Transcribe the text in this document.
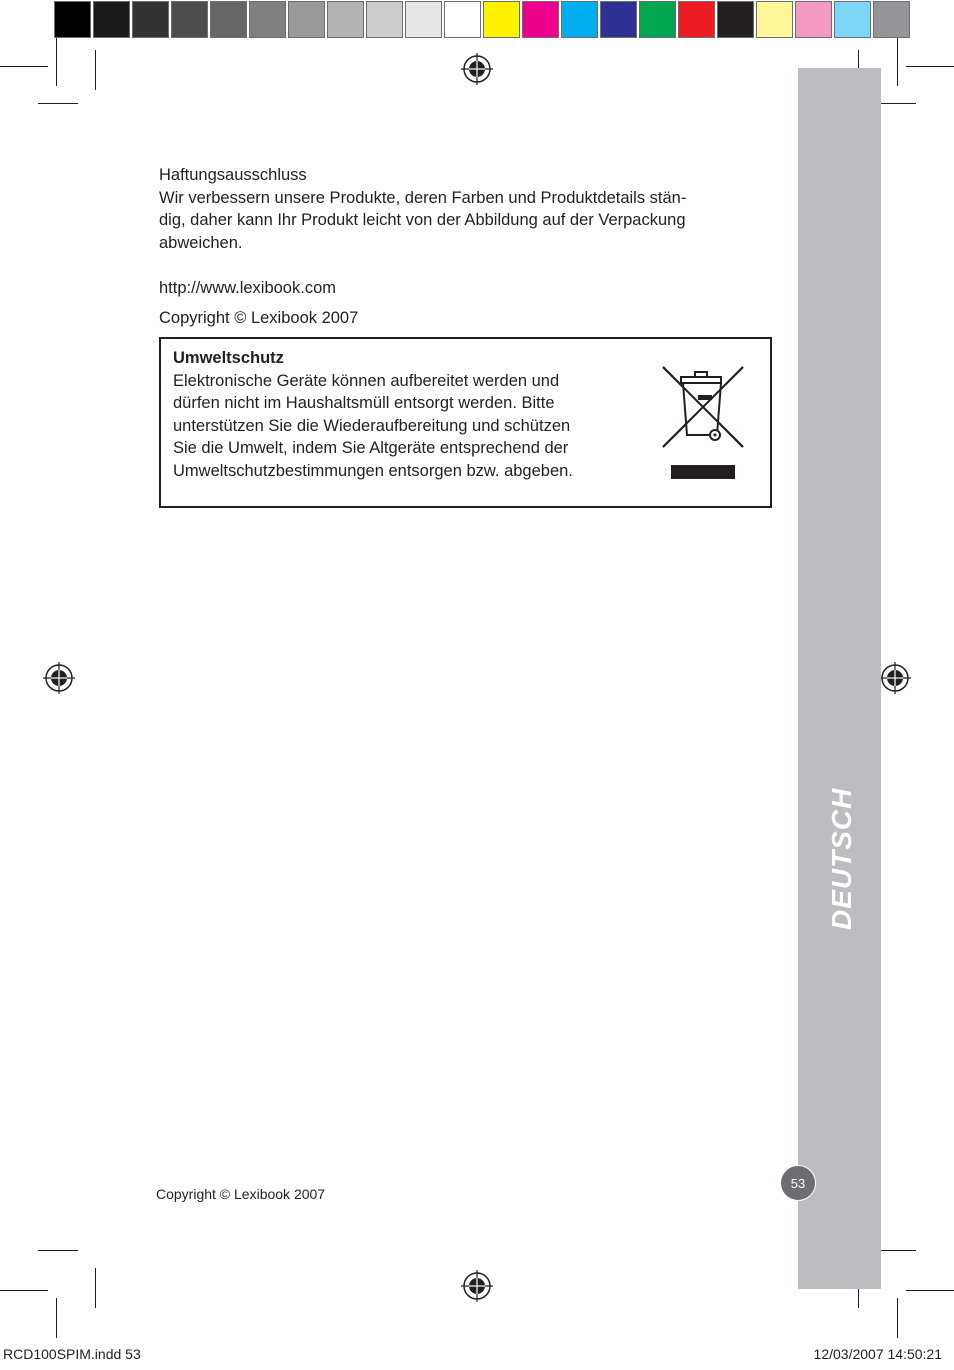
DEUTSCH
53
Haftungsausschluss
Wir verbessern unsere Produkte, deren Farben und Produktdetails stän-
dig, daher kann Ihr Produkt leicht von der Abbildung auf der Verpackung
abweichen.
http://www.lexibook.com
Copyright © Lexibook 2007
Umweltschutz
Elektronische Geräte können aufbereitet werden und
dürfen nicht im Haushaltsmüll entsorgt werden. Bitte
unterstützen Sie die Wiederaufbereitung und schützen
Sie die Umwelt, indem Sie Altgeräte entsprechend der
Umweltschutzbestimmungen entsorgen bzw. abgeben.
Copyright © Lexibook 2007
RCD100SPIM.indd 53	12/03/2007 14:50:21
